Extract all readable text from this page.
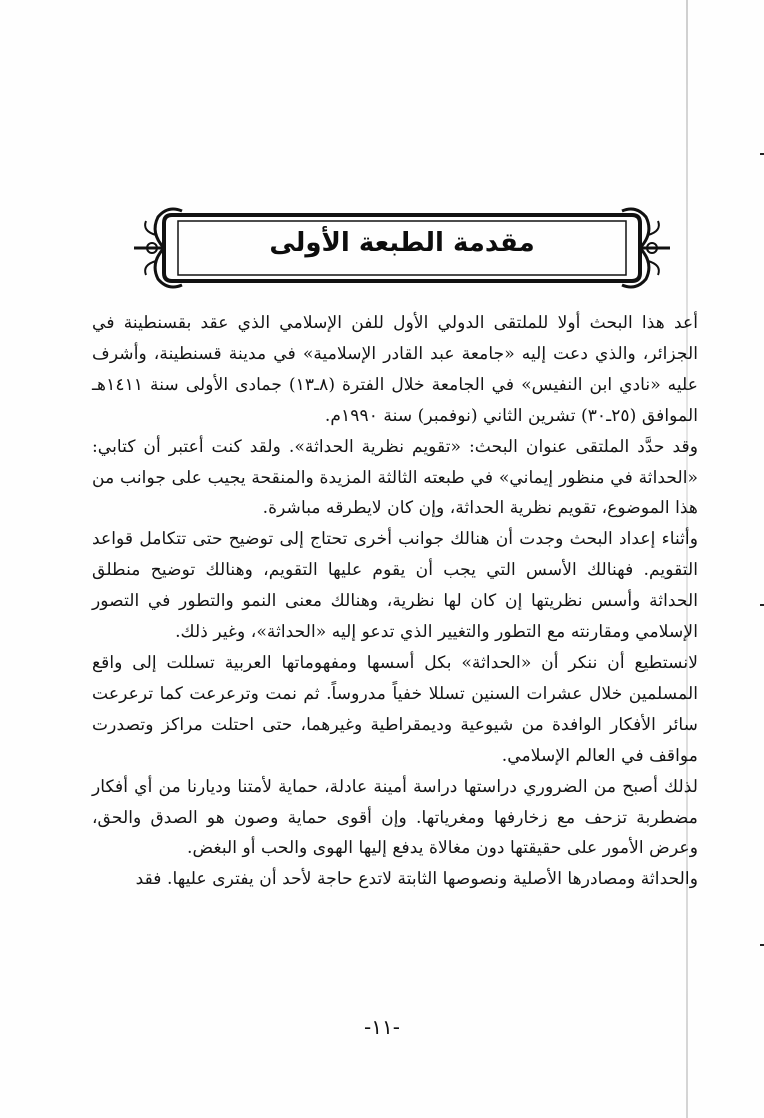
مقدمة الطبعة الأولى

أعد هذا البحث أولا للملتقى الدولي الأول للفن الإسلامي الذي عقد بقسنطينة في الجزائر، والذي دعت إليه «جامعة عبد القادر الإسلامية» في مدينة قسنطينة، وأشرف عليه «نادي ابن النفيس» في الجامعة خلال الفترة (٨ـ١٣) جمادى الأولى سنة ١٤١١هـ الموافق (٢٥ـ٣٠) تشرين الثاني (نوفمبر) سنة ١٩٩٠م.

وقد حدَّد الملتقى عنوان البحث: «تقويم نظرية الحداثة». ولقد كنت أعتبر أن كتابي: «الحداثة في منظور إيماني» في طبعته الثالثة المزيدة والمنقحة يجيب على جوانب من هذا الموضوع، تقويم نظرية الحداثة، وإن كان لايطرقه مباشرة.

وأثناء إعداد البحث وجدت أن هنالك جوانب أخرى تحتاج إلى توضيح حتى تتكامل قواعد التقويم. فهنالك الأسس التي يجب أن يقوم عليها التقويم، وهنالك توضيح منطلق الحداثة وأسس نظريتها إن كان لها نظرية، وهنالك معنى النمو والتطور في التصور الإسلامي ومقارنته مع التطور والتغيير الذي تدعو إليه «الحداثة»، وغير ذلك.

لانستطيع أن ننكر أن «الحداثة» بكل أسسها ومفهوماتها العربية تسللت إلى واقع المسلمين خلال عشرات السنين تسللا خفياً مدروساً. ثم نمت وترعرعت كما ترعرعت سائر الأفكار الوافدة من شيوعية وديمقراطية وغيرهما، حتى احتلت مراكز وتصدرت مواقف في العالم الإسلامي.

لذلك أصبح من الضروري دراستها دراسة أمينة عادلة، حماية لأمتنا وديارنا من أي أفكار مضطربة تزحف مع زخارفها ومغرياتها. وإن أقوى حماية وصون هو الصدق والحق، وعرض الأمور على حقيقتها دون مغالاة يدفع إليها الهوى والحب أو البغض.

والحداثة ومصادرها الأصلية ونصوصها الثابتة لاتدع حاجة لأحد أن يفترى عليها. فقد

-١١-
